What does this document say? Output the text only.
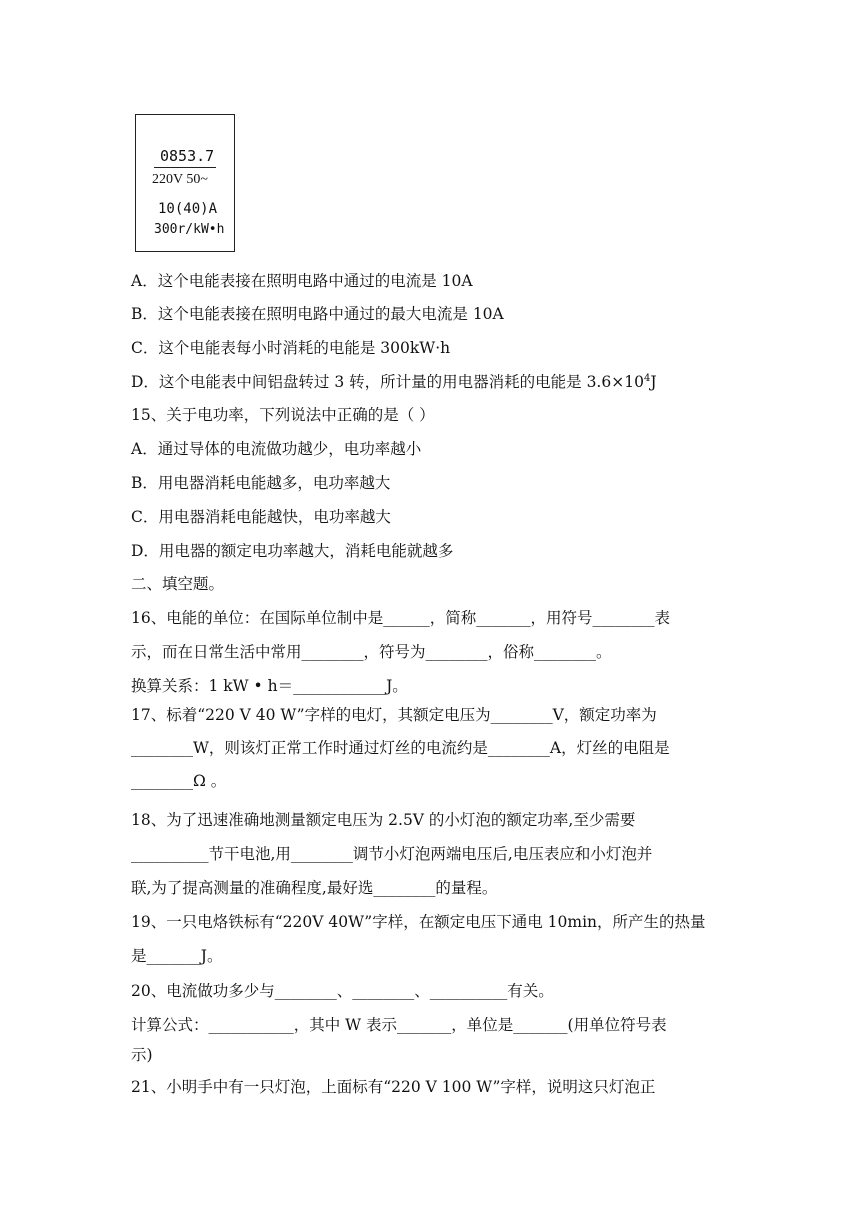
0853.7
220V 50~
10(40)A
300r/kW•h
A．这个电能表接在照明电路中通过的电流是 10A
B．这个电能表接在照明电路中通过的最大电流是 10A
C．这个电能表每小时消耗的电能是 300kW·h
D．这个电能表中间铝盘转过 3 转，所计量的用电器消耗的电能是 $3.6\times 10^4J$
15、关于电功率，下列说法中正确的是（ ）
A．通过导体的电流做功越少，电功率越小
B．用电器消耗电能越多，电功率越大
C．用电器消耗电能越快，电功率越大
D．用电器的额定电功率越大，消耗电能就越多
二、填空题。
16、电能的单位：在国际单位制中是______，简称_______，用符号________表
示，而在日常生活中常用________，符号为________，俗称________。
换算关系：1 kW • h＝____________J。
17、标着“220 V 40 W”字样的电灯，其额定电压为________V，额定功率为
________W，则该灯正常工作时通过灯丝的电流约是________A，灯丝的电阻是
________Ω 。
18、为了迅速准确地测量额定电压为 2.5V 的小灯泡的额定功率,至少需要
__________节干电池,用________调节小灯泡两端电压后,电压表应和小灯泡并
联,为了提高测量的准确程度,最好选________的量程。
19、一只电烙铁标有“220V 40W”字样，在额定电压下通电 10min，所产生的热量
是_______J。
20、电流做功多少与________、________、__________有关。
计算公式：___________，其中 W 表示_______，单位是_______(用单位符号表
示)
21、小明手中有一只灯泡，上面标有“220 V 100 W”字样，说明这只灯泡正
